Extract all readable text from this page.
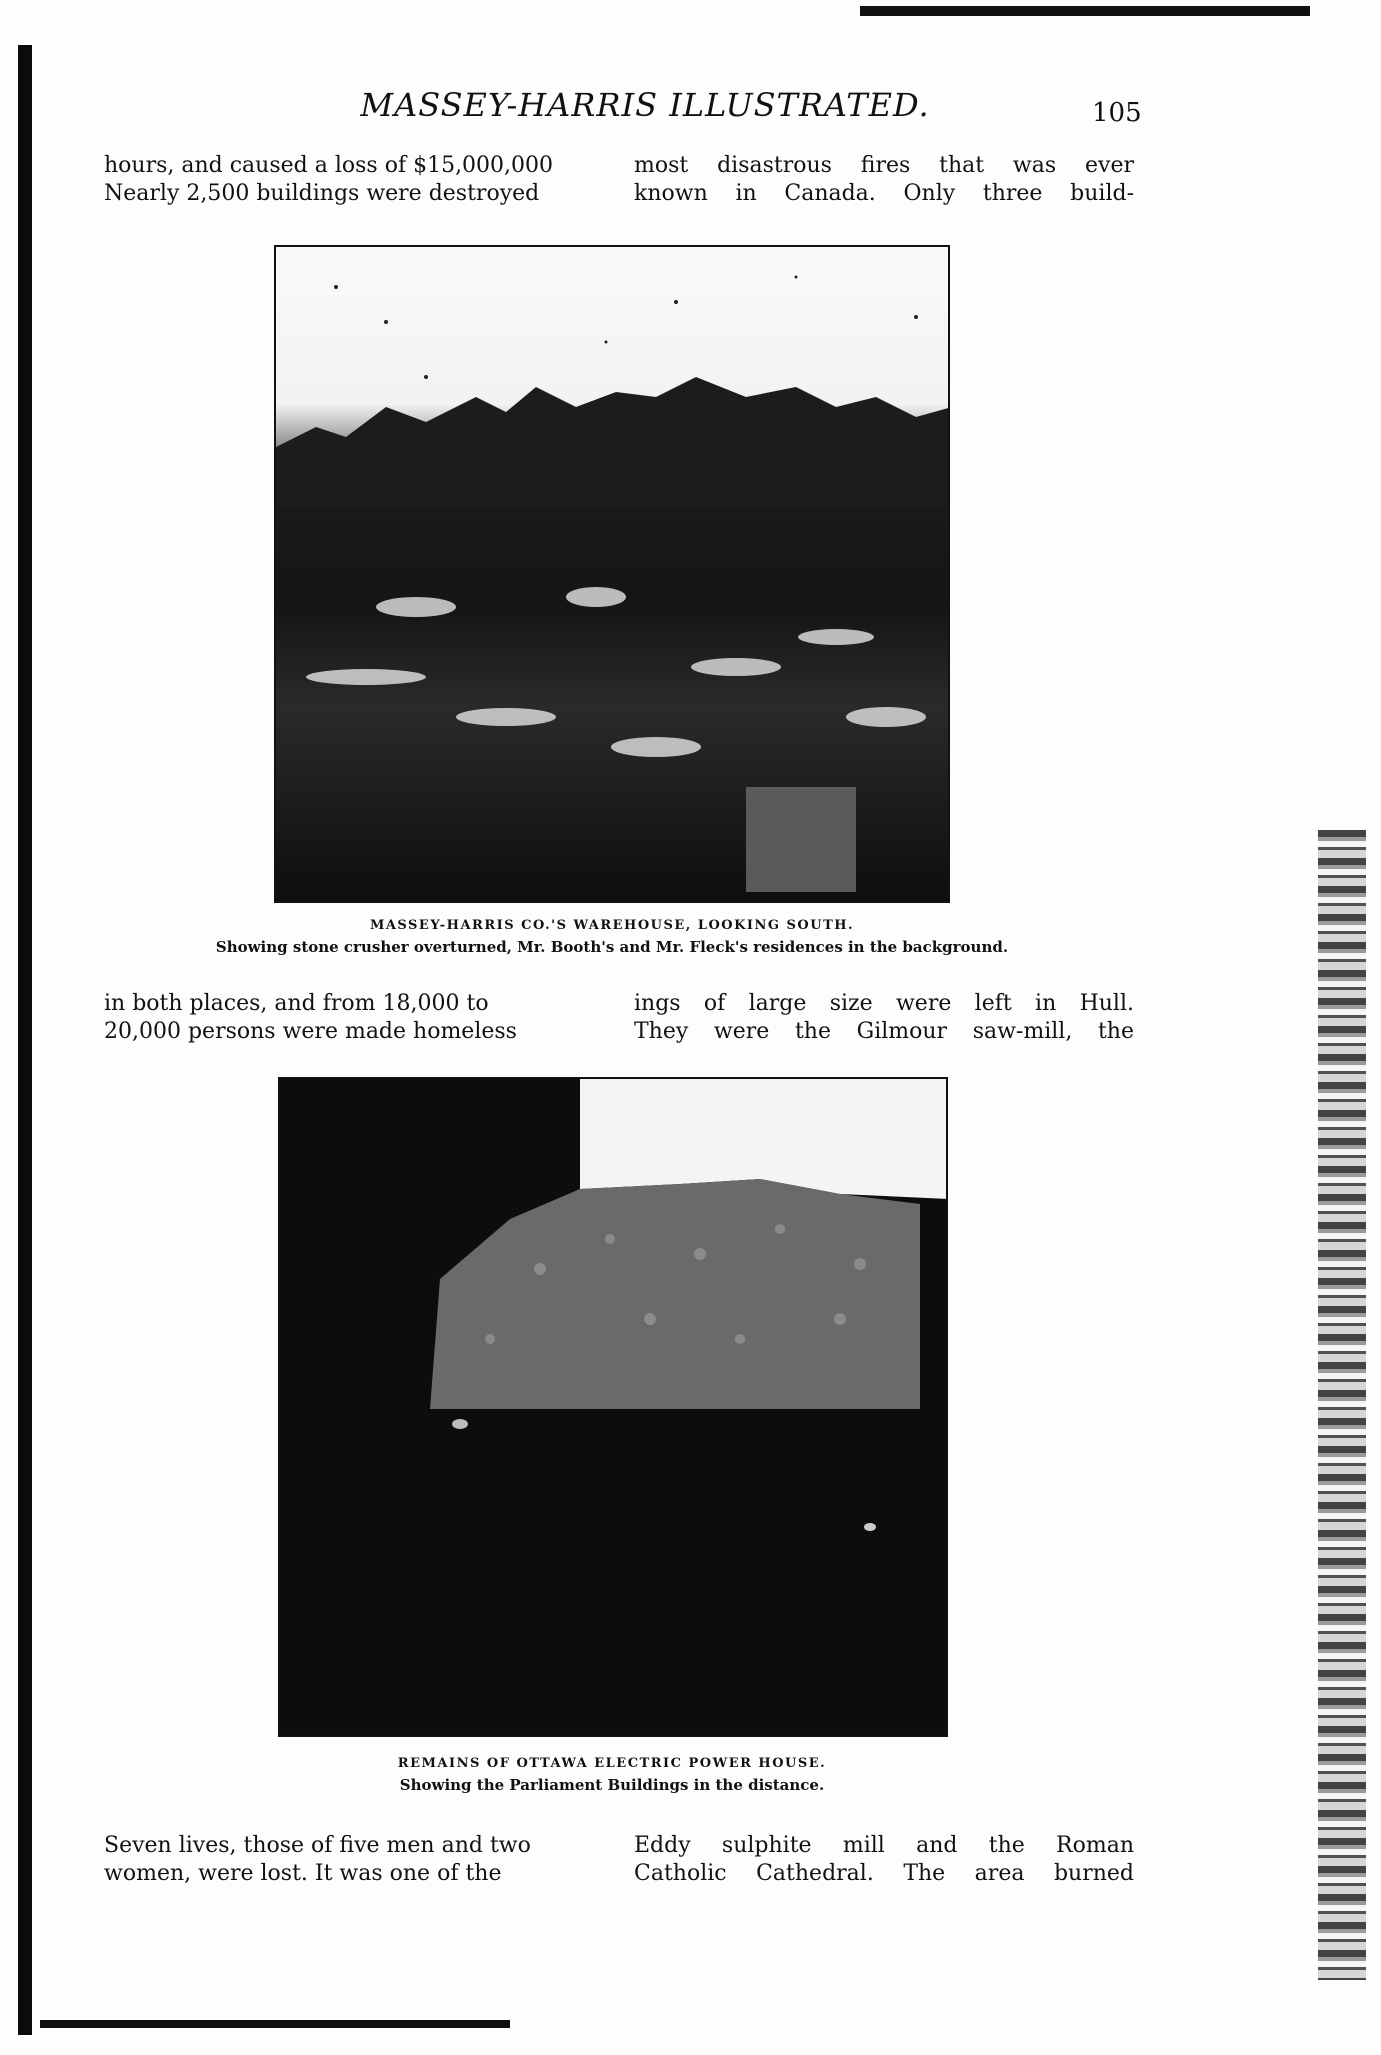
MASSEY-HARRIS ILLUSTRATED.	105

hours, and caused a loss of $15,000,000

Nearly 2,500 buildings were destroyed

most disastrous fires that was ever

known in Canada. Only three build-

MASSEY-HARRIS CO.'S WAREHOUSE, LOOKING SOUTH.
Showing stone crusher overturned, Mr. Booth's and Mr. Fleck's residences in the background.

in both places, and from 18,000 to

20,000 persons were made homeless

ings of large size were left in Hull.

They were the Gilmour saw-mill, the

REMAINS OF OTTAWA ELECTRIC POWER HOUSE.
Showing the Parliament Buildings in the distance.

Seven lives, those of five men and two

women, were lost. It was one of the

Eddy sulphite mill and the Roman

Catholic Cathedral. The area burned
